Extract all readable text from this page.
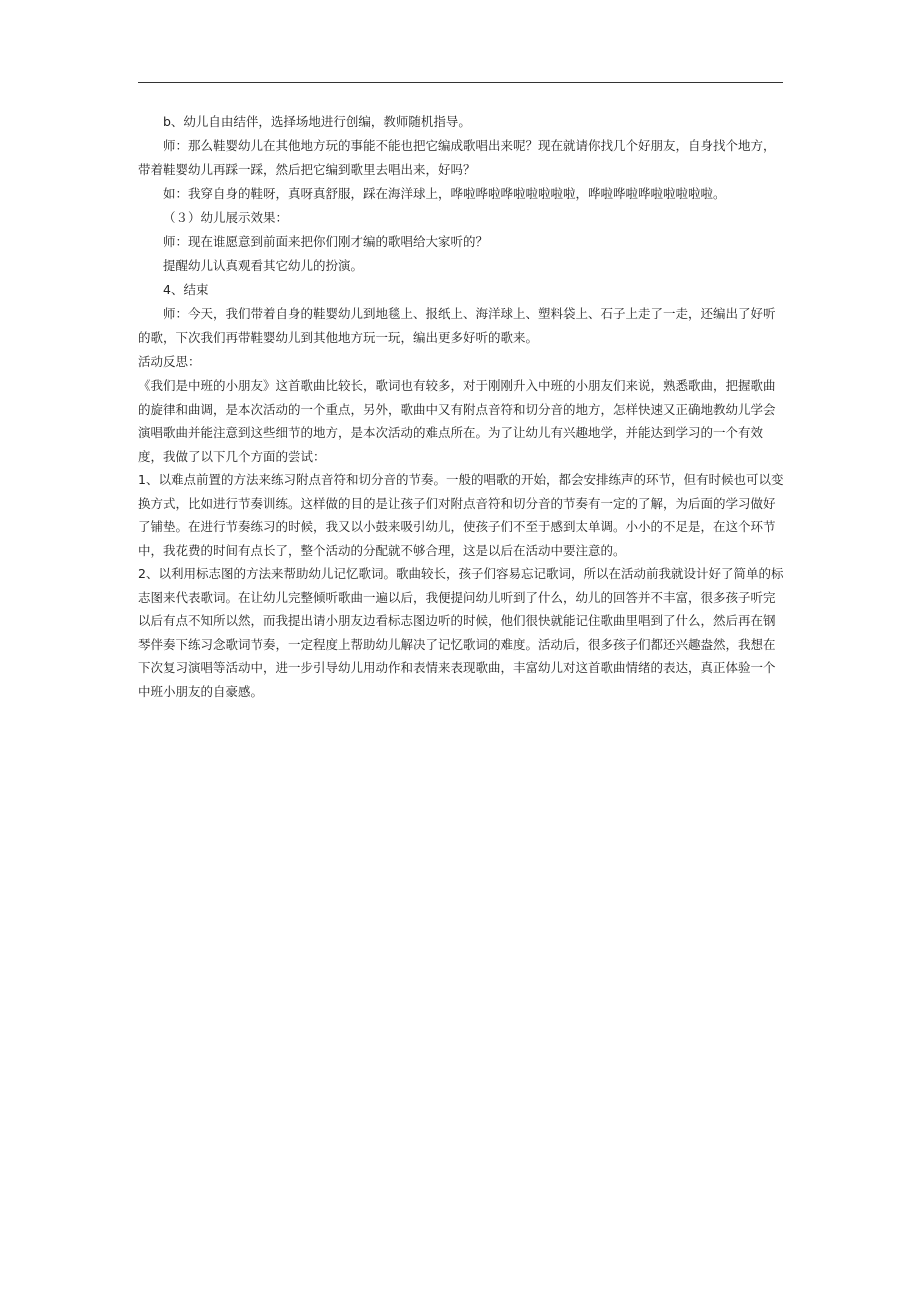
b、幼儿自由结伴，选择场地进行创编，教师随机指导。

师：那么鞋婴幼儿在其他地方玩的事能不能也把它编成歌唱出来呢？现在就请你找几个好朋友，自身找个地方，带着鞋婴幼儿再踩一踩，然后把它编到歌里去唱出来，好吗？

如：我穿自身的鞋呀，真呀真舒服，踩在海洋球上，哗啦哗啦哗啦啦啦啦啦，哗啦哗啦哗啦啦啦啦啦。

（３）幼儿展示效果：

师：现在谁愿意到前面来把你们刚才编的歌唱给大家听的？

提醒幼儿认真观看其它幼儿的扮演。

4、结束

师：今天，我们带着自身的鞋婴幼儿到地毯上、报纸上、海洋球上、塑料袋上、石子上走了一走，还编出了好听的歌，下次我们再带鞋婴幼儿到其他地方玩一玩，编出更多好听的歌来。

活动反思：

《我们是中班的小朋友》这首歌曲比较长，歌词也有较多，对于刚刚升入中班的小朋友们来说，熟悉歌曲，把握歌曲的旋律和曲调，是本次活动的一个重点，另外，歌曲中又有附点音符和切分音的地方，怎样快速又正确地教幼儿学会演唱歌曲并能注意到这些细节的地方，是本次活动的难点所在。为了让幼儿有兴趣地学，并能达到学习的一个有效度，我做了以下几个方面的尝试：

1、以难点前置的方法来练习附点音符和切分音的节奏。一般的唱歌的开始，都会安排练声的环节，但有时候也可以变换方式，比如进行节奏训练。这样做的目的是让孩子们对附点音符和切分音的节奏有一定的了解，为后面的学习做好了铺垫。在进行节奏练习的时候，我又以小鼓来吸引幼儿，使孩子们不至于感到太单调。小小的不足是，在这个环节中，我花费的时间有点长了，整个活动的分配就不够合理，这是以后在活动中要注意的。

2、以利用标志图的方法来帮助幼儿记忆歌词。歌曲较长，孩子们容易忘记歌词，所以在活动前我就设计好了简单的标志图来代表歌词。在让幼儿完整倾听歌曲一遍以后，我便提问幼儿听到了什么，幼儿的回答并不丰富，很多孩子听完以后有点不知所以然，而我提出请小朋友边看标志图边听的时候，他们很快就能记住歌曲里唱到了什么，然后再在钢琴伴奏下练习念歌词节奏，一定程度上帮助幼儿解决了记忆歌词的难度。活动后，很多孩子们都还兴趣盎然，我想在下次复习演唱等活动中，进一步引导幼儿用动作和表情来表现歌曲，丰富幼儿对这首歌曲情绪的表达，真正体验一个中班小朋友的自豪感。
